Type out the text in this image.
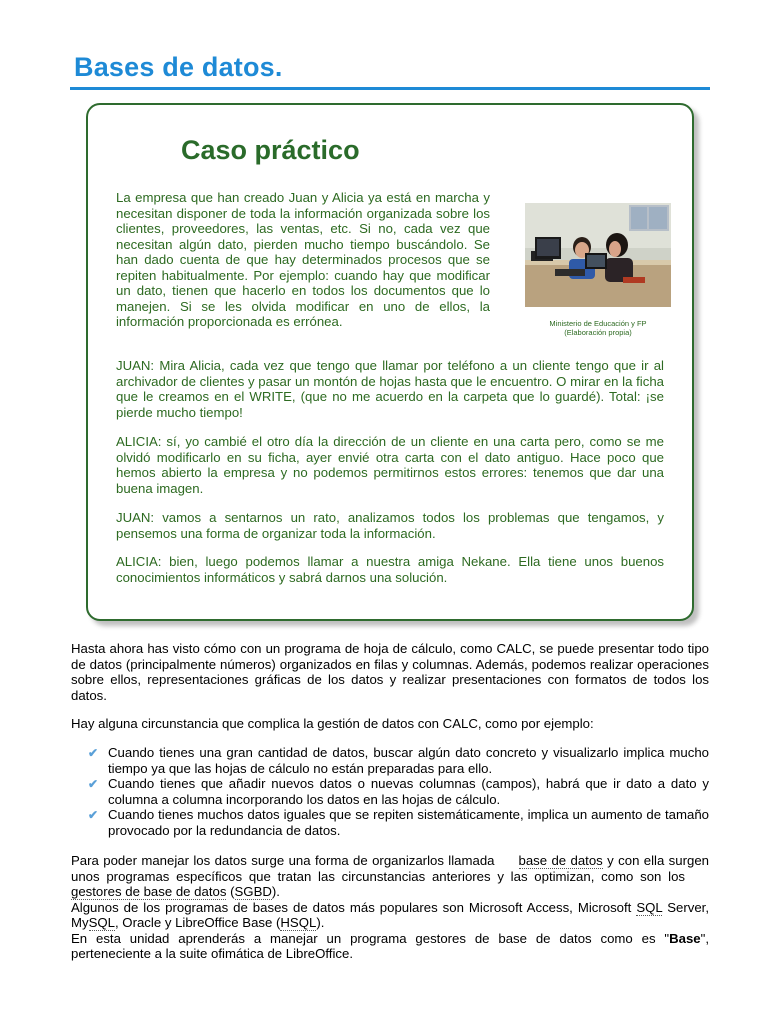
Bases de datos.
Caso práctico

La empresa que han creado Juan y Alicia ya está en marcha y necesitan disponer de toda la información organizada sobre los clientes, proveedores, las ventas, etc. Si no, cada vez que necesitan algún dato, pierden mucho tiempo buscándolo. Se han dado cuenta de que hay determinados procesos que se repiten habitualmente. Por ejemplo: cuando hay que modificar un dato, tienen que hacerlo en todos los documentos que lo manejen. Si se les olvida modificar en uno de ellos, la información proporcionada es errónea.	Ministerio de Educación y FP
(Elaboración propia)

JUAN: Mira Alicia, cada vez que tengo que llamar por teléfono a un cliente tengo que ir al archivador de clientes y pasar un montón de hojas hasta que le encuentro. O mirar en la ficha que le creamos en el WRITE, (que no me acuerdo en la carpeta que lo guardé). Total: ¡se pierde mucho tiempo!

ALICIA: sí, yo cambié el otro día la dirección de un cliente en una carta pero, como se me olvidó modificarlo en su ficha, ayer envié otra carta con el dato antiguo. Hace poco que hemos abierto la empresa y no podemos permitirnos estos errores: tenemos que dar una buena imagen.

JUAN: vamos a sentarnos un rato, analizamos todos los problemas que tengamos, y pensemos una forma de organizar toda la información.

ALICIA: bien, luego podemos llamar a nuestra amiga Nekane. Ella tiene unos buenos conocimientos informáticos y sabrá darnos una solución.

Hasta ahora has visto cómo con un programa de hoja de cálculo, como CALC, se puede presentar todo tipo de datos (principalmente números) organizados en filas y columnas. Además, podemos realizar operaciones sobre ellos, representaciones gráficas de los datos y realizar presentaciones con formatos de todos los datos.

Hay alguna circunstancia que complica la gestión de datos con CALC, como por ejemplo:

✔ Cuando tienes una gran cantidad de datos, buscar algún dato concreto y visualizarlo implica mucho tiempo ya que las hojas de cálculo no están preparadas para ello.
✔ Cuando tienes que añadir nuevos datos o nuevas columnas (campos), habrá que ir dato a dato y columna a columna incorporando los datos en las hojas de cálculo.
✔ Cuando tienes muchos datos iguales que se repiten sistemáticamente, implica un aumento de tamaño provocado por la redundancia de datos.

Para poder manejar los datos surge una forma de organizarlos llamada base de datos y con ella surgen unos programas específicos que tratan las circunstancias anteriores y las optimizan, como son losgestores de base de datos (SGBD).
Algunos de los programas de bases de datos más populares son Microsoft Access, Microsoft SQL Server, MySQL, Oracle y LibreOffice Base (HSQL).
En esta unidad aprenderás a manejar un programa gestores de base de datos como es "Base", perteneciente a la suite ofimática de LibreOffice.
